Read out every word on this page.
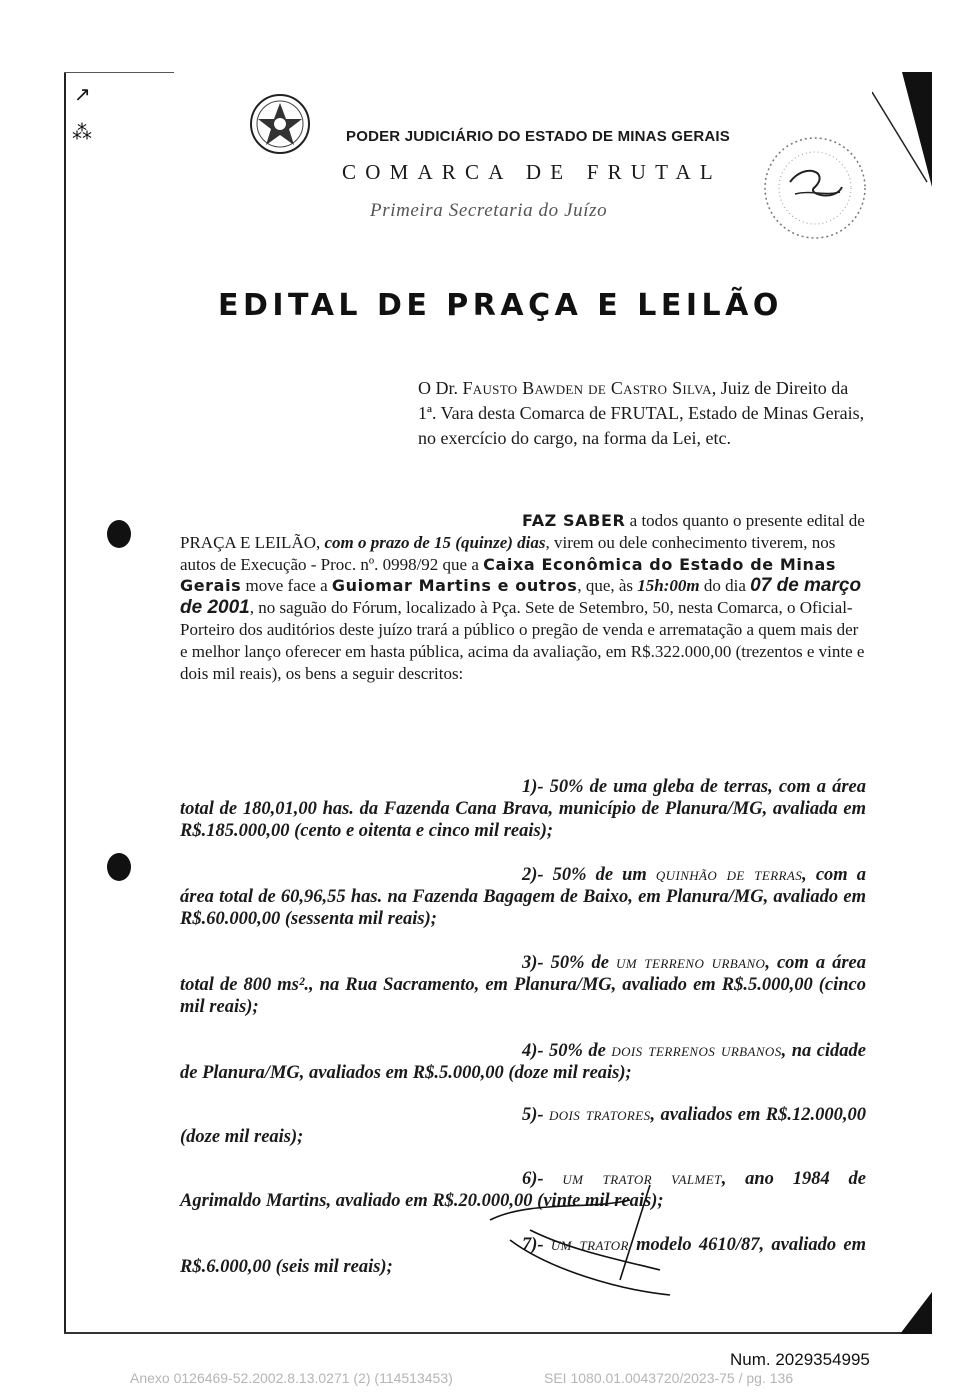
↗
⁂	PODER JUDICIÁRIO DO ESTADO DE MINAS GERAIS
COMARCA DE FRUTAL
Primeira Secretaria do Juízo
EDITAL DE PRAÇA E LEILÃO
O Dr. Fausto Bawden de Castro Silva, Juiz de Direito da 1ª. Vara desta Comarca de FRUTAL, Estado de Minas Gerais, no exercício do cargo, na forma da Lei, etc.
FAZ SABER a todos quanto o presente edital de PRAÇA E LEILÃO, com o prazo de 15 (quinze) dias, virem ou dele conhecimento tiverem, nos autos de Execução - Proc. nº. 0998/92 que a Caixa Econômica do Estado de Minas Gerais move face a Guiomar Martins e outros, que, às 15h:00m do dia 07 de março de 2001, no saguão do Fórum, localizado à Pça. Sete de Setembro, 50, nesta Comarca, o Oficial-Porteiro dos auditórios deste juízo trará a público o pregão de venda e arrematação a quem mais der e melhor lanço oferecer em hasta pública, acima da avaliação, em R$.322.000,00 (trezentos e vinte e dois mil reais), os bens a seguir descritos:
1)- 50% de uma gleba de terras, com a área total de 180,01,00 has. da Fazenda Cana Brava, município de Planura/MG, avaliada em R$.185.000,00 (cento e oitenta e cinco mil reais);
2)- 50% de um quinhão de terras, com a área total de 60,96,55 has. na Fazenda Bagagem de Baixo, em Planura/MG, avaliado em R$.60.000,00 (sessenta mil reais);
3)- 50% de um terreno urbano, com a área total de 800 ms²., na Rua Sacramento, em Planura/MG, avaliado em R$.5.000,00 (cinco mil reais);
4)- 50% de dois terrenos urbanos, na cidade de Planura/MG, avaliados em R$.5.000,00 (doze mil reais);
5)- dois tratores, avaliados em R$.12.000,00 (doze mil reais);
6)- um trator valmet, ano 1984 de Agrimaldo Martins, avaliado em R$.20.000,00 (vinte mil reais);
7)- um trator modelo 4610/87, avaliado em R$.6.000,00 (seis mil reais);
Num. 2029354995
Anexo 0126469-52.2002.8.13.0271 (2) (114513453)	SEI 1080.01.0043720/2023-75 / pg. 136
